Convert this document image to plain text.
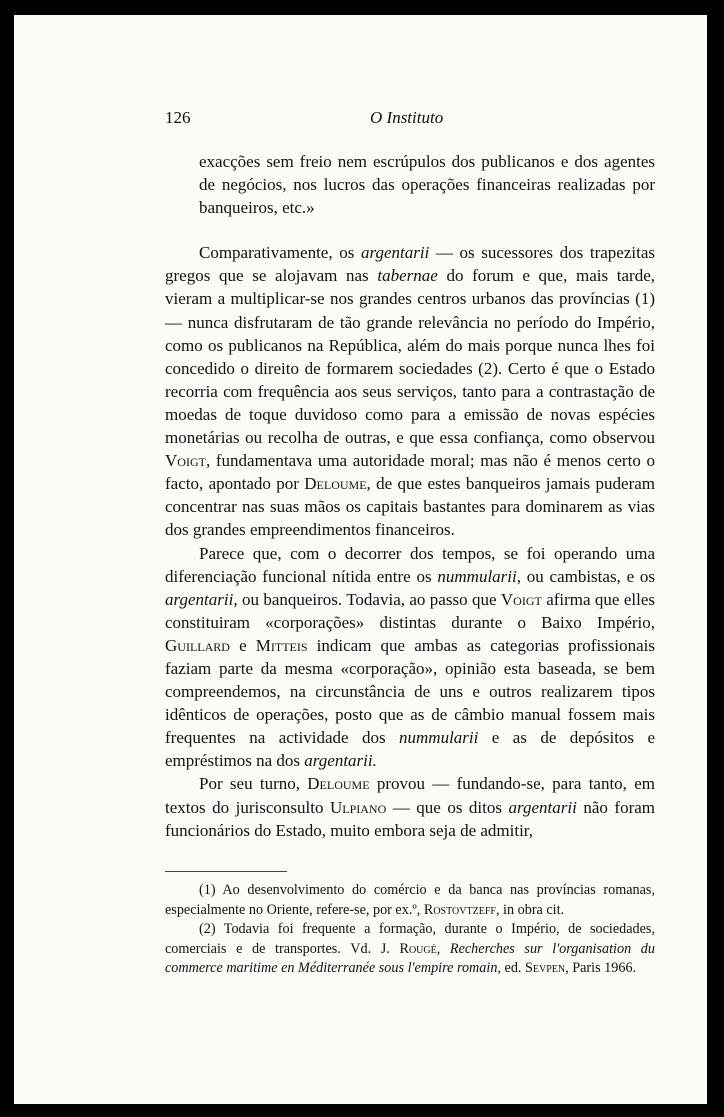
126	O Instituto

exacções sem freio nem escrúpulos dos publicanos e dos agentes de negócios, nos lucros das operações financeiras realizadas por banqueiros, etc.»

Comparativamente, os argentarii — os sucessores dos trapezitas gregos que se alojavam nas tabernae do forum e que, mais tarde, vieram a multiplicar-se nos grandes centros urbanos das províncias (1) — nunca disfrutaram de tão grande relevância no período do Império, como os publicanos na República, além do mais porque nunca lhes foi concedido o direito de formarem sociedades (2). Certo é que o Estado recorria com frequência aos seus serviços, tanto para a contrastação de moedas de toque duvidoso como para a emissão de novas espécies monetárias ou recolha de outras, e que essa confiança, como observou Voigt, fundamentava uma autoridade moral; mas não é menos certo o facto, apontado por Deloume, de que estes banqueiros jamais puderam concentrar nas suas mãos os capitais bastantes para dominarem as vias dos grandes empreendimentos financeiros.

Parece que, com o decorrer dos tempos, se foi operando uma diferenciação funcional nítida entre os nummularii, ou cambistas, e os argentarii, ou banqueiros. Todavia, ao passo que Voigt afirma que elles constituiram «corporações» distintas durante o Baixo Império, Guillard e Mitteis indicam que ambas as categorias profissionais faziam parte da mesma «corporação», opinião esta baseada, se bem compreendemos, na circunstância de uns e outros realizarem tipos idênticos de operações, posto que as de câmbio manual fossem mais frequentes na actividade dos nummularii e as de depósitos e empréstimos na dos argentarii.

Por seu turno, Deloume provou — fundando-se, para tanto, em textos do jurisconsulto Ulpiano — que os ditos argentarii não foram funcionários do Estado, muito embora seja de admitir,

(1) Ao desenvolvimento do comércio e da banca nas províncias romanas, especialmente no Oriente, refere-se, por ex.º, Rostovtzeff, in obra cit.

(2) Todavia foi frequente a formação, durante o Império, de sociedades, comerciais e de transportes. Vd. J. Rougé, Recherches sur l'organisation du commerce maritime en Méditerranée sous l'empire romain, ed. Sevpen, Paris 1966.
